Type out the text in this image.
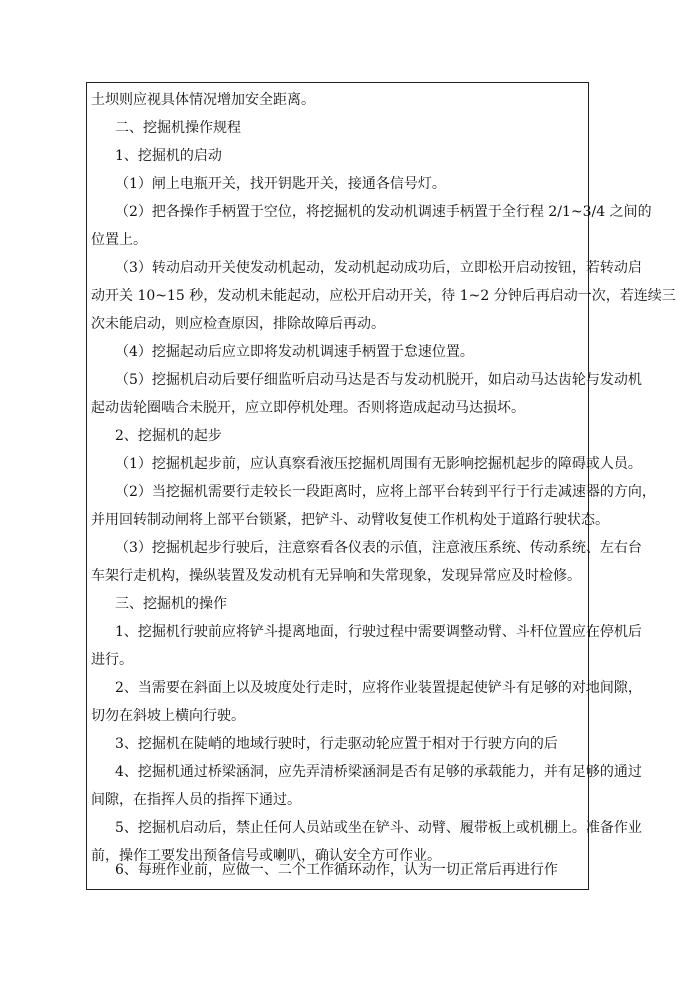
土坝则应视具体情况增加安全距离。
二、挖掘机操作规程
1、挖掘机的启动
（1）闸上电瓶开关，找开钥匙开关，接通各信号灯。
（2）把各操作手柄置于空位，将挖掘机的发动机调速手柄置于全行程 2/1~3/4 之间的
位置上。
（3）转动启动开关使发动机起动，发动机起动成功后，立即松开启动按钮，若转动启
动开关 10~15 秒，发动机未能起动，应松开启动开关，待 1~2 分钟后再启动一次，若连续三
次未能启动，则应检查原因，排除故障后再动。
（4）挖掘起动后应立即将发动机调速手柄置于怠速位置。
（5）挖掘机启动后要仔细监听启动马达是否与发动机脱开，如启动马达齿轮与发动机
起动齿轮圈啮合未脱开，应立即停机处理。否则将造成起动马达损坏。
2、挖掘机的起步
（1）挖掘机起步前，应认真察看液压挖掘机周围有无影响挖掘机起步的障碍或人员。
（2）当挖掘机需要行走较长一段距离时，应将上部平台转到平行于行走减速器的方向，
并用回转制动闸将上部平台锁紧，把铲斗、动臂收复使工作机构处于道路行驶状态。
（3）挖掘机起步行驶后，注意察看各仪表的示值，注意液压系统、传动系统、左右台
车架行走机构，操纵装置及发动机有无异响和失常现象，发现异常应及时检修。
三、挖掘机的操作
1、挖掘机行驶前应将铲斗提离地面，行驶过程中需要调整动臂、斗杆位置应在停机后
进行。
2、当需要在斜面上以及坡度处行走时，应将作业装置提起使铲斗有足够的对地间隙，
切勿在斜坡上横向行驶。
3、挖掘机在陡峭的地域行驶时，行走驱动轮应置于相对于行驶方向的后
4、挖掘机通过桥梁涵洞，应先弄清桥梁涵洞是否有足够的承载能力，并有足够的通过
间隙，在指挥人员的指挥下通过。
5、挖掘机启动后，禁止任何人员站或坐在铲斗、动臂、履带板上或机棚上。准备作业
前，操作工要发出预备信号或喇叭，确认安全方可作业。
6、每班作业前，应做一、二个工作循环动作，认为一切正常后再进行作
